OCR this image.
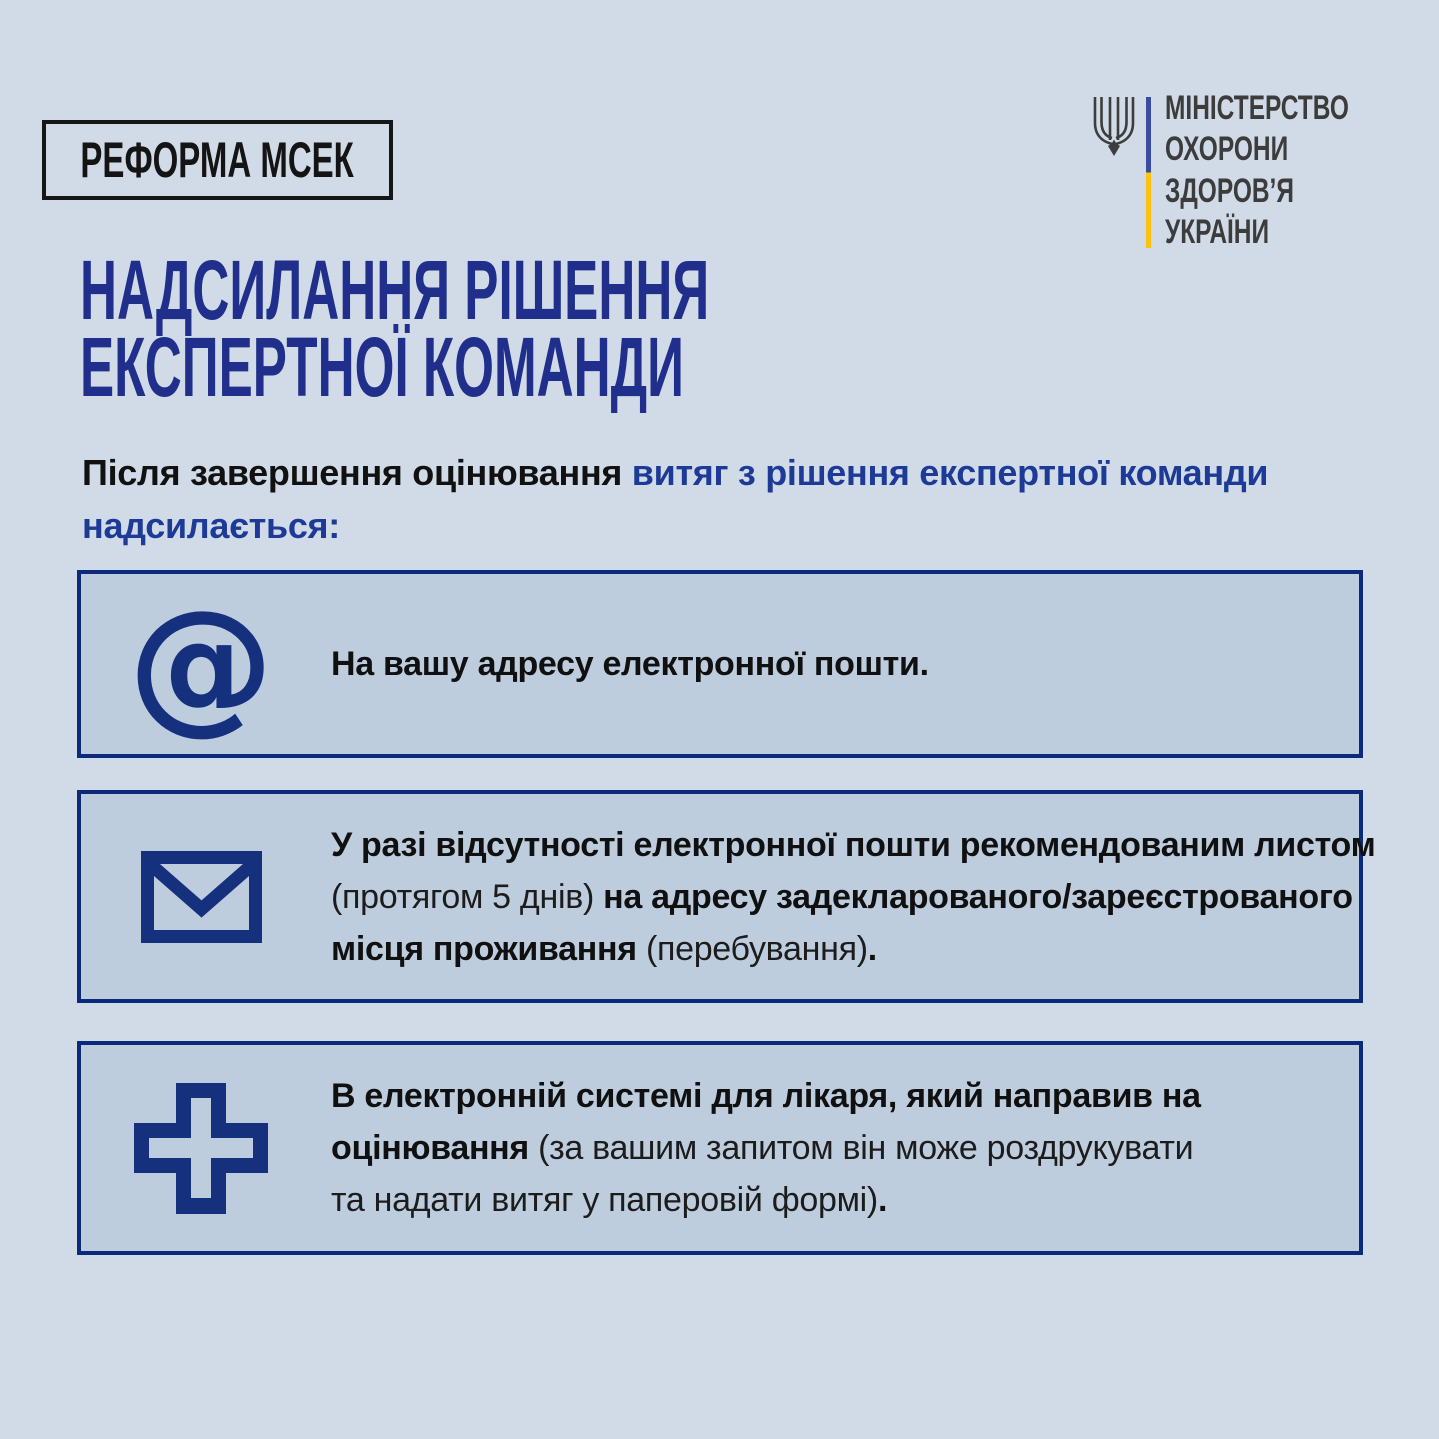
РЕФОРМА МСЕК
МІНІСТЕРСТВО
ОХОРОНИ
ЗДОРОВ’Я
УКРАЇНИ
НАДСИЛАННЯ РІШЕННЯ
ЕКСПЕРТНОЇ КОМАНДИ

Після завершення оцінювання витяг з рішення експертної команди
надсилається:

@ На вашу адресу електронної пошти.

У разі відсутності електронної пошти рекомендованим листом
(протягом 5 днів) на адресу задекларованого/зареєстрованого
місця проживання (перебування).

В електронній системі для лікаря, який направив на
оцінювання (за вашим запитом він може роздрукувати
та надати витяг у паперовій формі).
